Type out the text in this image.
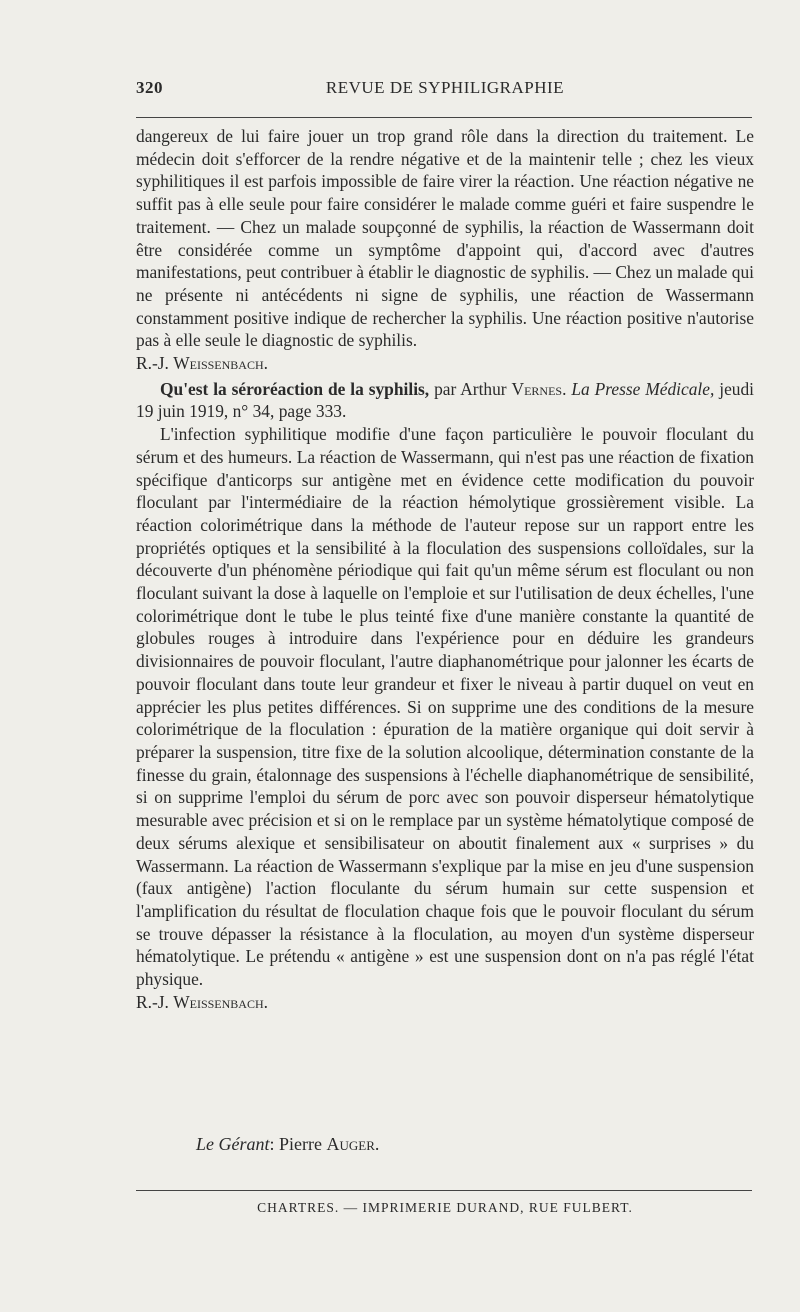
320	REVUE DE SYPHILIGRAPHIE

dangereux de lui faire jouer un trop grand rôle dans la direction du traitement. Le médecin doit s'efforcer de la rendre négative et de la maintenir telle ; chez les vieux syphilitiques il est parfois impossible de faire virer la réaction. Une réaction négative ne suffit pas à elle seule pour faire considérer le malade comme guéri et faire suspendre le traitement. — Chez un malade soupçonné de syphilis, la réaction de Wassermann doit être considérée comme un symptôme d'appoint qui, d'accord avec d'autres manifestations, peut contribuer à établir le diagnostic de syphilis. — Chez un malade qui ne présente ni antécédents ni signe de syphilis, une réaction de Wassermann constamment positive indique de rechercher la syphilis. Une réaction positive n'autorise pas à elle seule le diagnostic de syphilis.

R.-J. Weissenbach.

Qu'est la séroréaction de la syphilis, par Arthur Vernes. La Presse Médicale, jeudi 19 juin 1919, n° 34, page 333.

L'infection syphilitique modifie d'une façon particulière le pouvoir floculant du sérum et des humeurs. La réaction de Wassermann, qui n'est pas une réaction de fixation spécifique d'anticorps sur antigène met en évidence cette modification du pouvoir floculant par l'intermédiaire de la réaction hémolytique grossièrement visible. La réaction colorimétrique dans la méthode de l'auteur repose sur un rapport entre les propriétés optiques et la sensibilité à la floculation des suspensions colloïdales, sur la découverte d'un phénomène périodique qui fait qu'un même sérum est floculant ou non floculant suivant la dose à laquelle on l'emploie et sur l'utilisation de deux échelles, l'une colorimétrique dont le tube le plus teinté fixe d'une manière constante la quantité de globules rouges à introduire dans l'expérience pour en déduire les grandeurs divisionnaires de pouvoir floculant, l'autre diaphanométrique pour jalonner les écarts de pouvoir floculant dans toute leur grandeur et fixer le niveau à partir duquel on veut en apprécier les plus petites différences. Si on supprime une des conditions de la mesure colorimétrique de la floculation : épuration de la matière organique qui doit servir à préparer la suspension, titre fixe de la solution alcoolique, détermination constante de la finesse du grain, étalonnage des suspensions à l'échelle diaphanométrique de sensibilité, si on supprime l'emploi du sérum de porc avec son pouvoir disperseur hématolytique mesurable avec précision et si on le remplace par un système hématolytique composé de deux sérums alexique et sensibilisateur on aboutit finalement aux « surprises » du Wassermann. La réaction de Wassermann s'explique par la mise en jeu d'une suspension (faux antigène) l'action floculante du sérum humain sur cette suspension et l'amplification du résultat de floculation chaque fois que le pouvoir floculant du sérum se trouve dépasser la résistance à la floculation, au moyen d'un système disperseur hématolytique. Le prétendu « antigène » est une suspension dont on n'a pas réglé l'état physique.

R.-J. Weissenbach.

Le Gérant: Pierre Auger.
CHARTRES. — IMPRIMERIE DURAND, RUE FULBERT.
